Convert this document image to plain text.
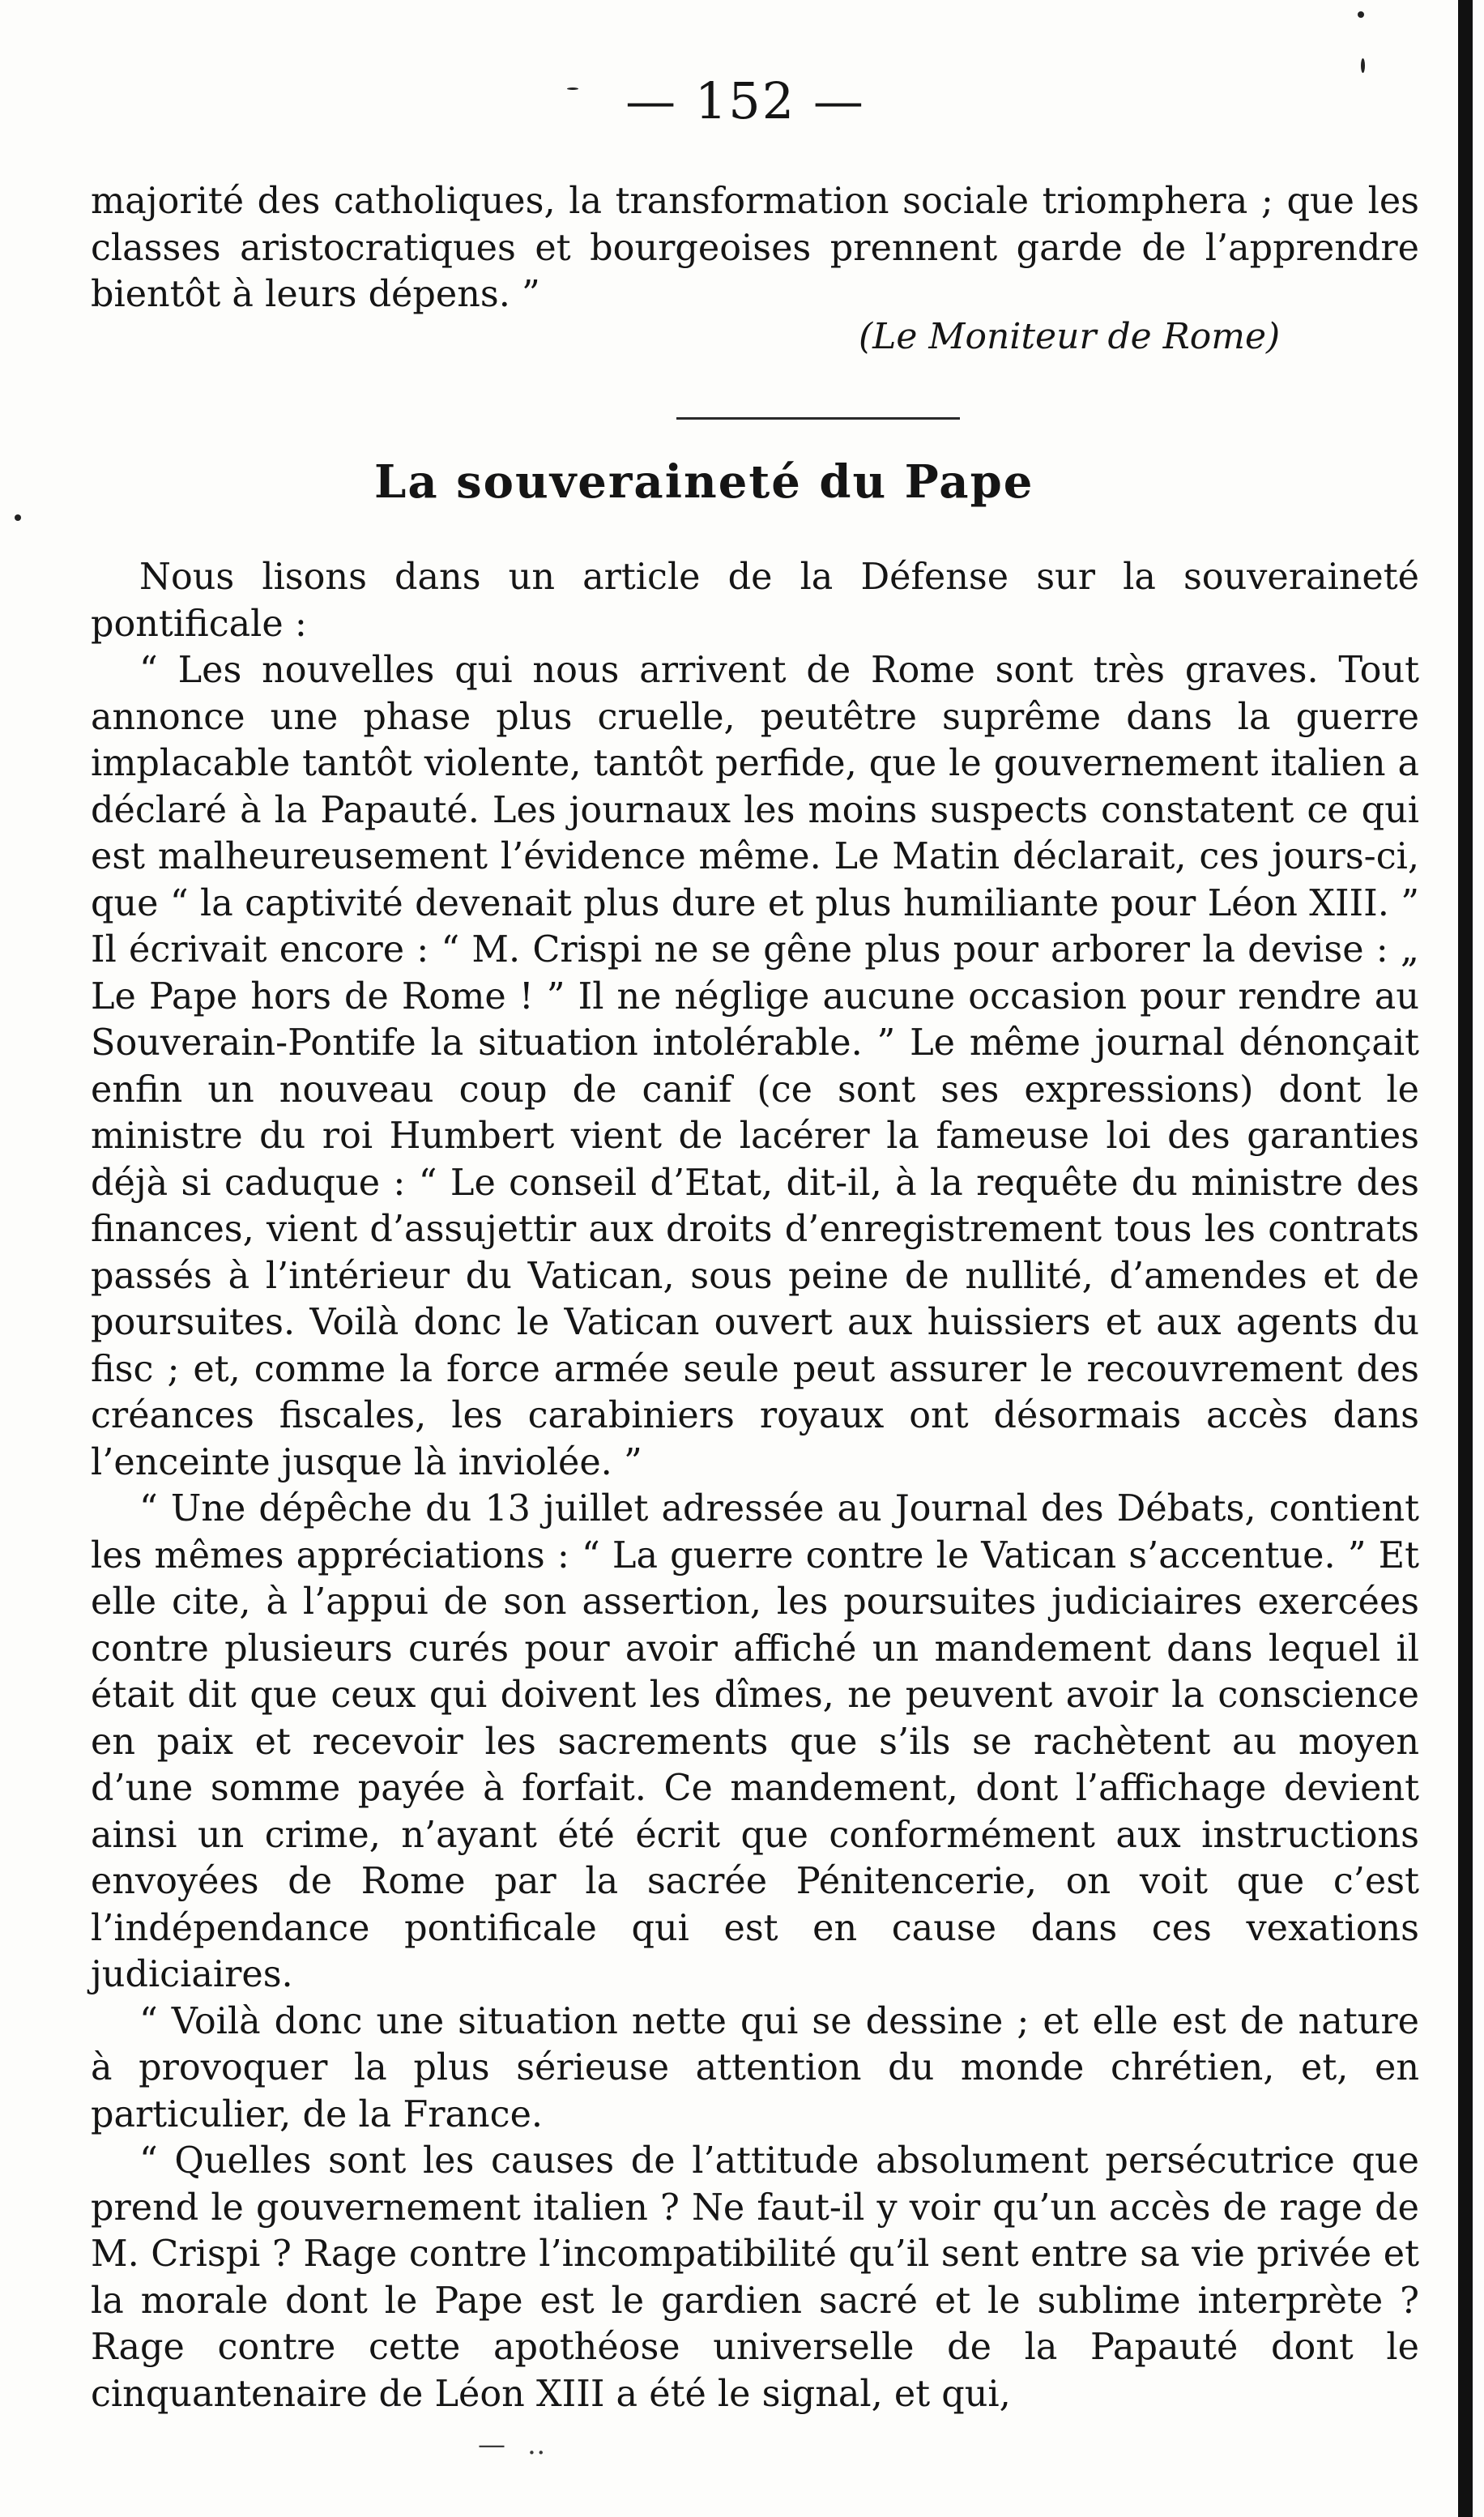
— 152 —

majorité des catholiques, la transformation sociale triomphera ; que les classes aristocratiques et bourgeoises prennent garde de l’apprendre bientôt à leurs dépens. ”

(Le Moniteur de Rome)
La souveraineté du Pape

Nous lisons dans un article de la Défense sur la souveraineté pontificale :

“ Les nouvelles qui nous arrivent de Rome sont très graves. Tout annonce une phase plus cruelle, peutêtre suprême dans la guerre implacable tantôt violente, tantôt perfide, que le gouvernement italien a déclaré à la Papauté. Les journaux les moins suspects constatent ce qui est malheureusement l’évidence même. Le Matin déclarait, ces jours-ci, que “ la captivité devenait plus dure et plus humiliante pour Léon XIII. ” Il écrivait encore : “ M. Crispi ne se gêne plus pour arborer la devise : „ Le Pape hors de Rome ! ” Il ne néglige aucune occasion pour rendre au Souverain-Pontife la situation intolérable. ” Le même journal dénonçait enfin un nouveau coup de canif (ce sont ses expressions) dont le ministre du roi Humbert vient de lacérer la fameuse loi des garanties déjà si caduque : “ Le conseil d’Etat, dit-il, à la requête du ministre des finances, vient d’assujettir aux droits d’enregistrement tous les contrats passés à l’intérieur du Vatican, sous peine de nullité, d’amendes et de poursuites. Voilà donc le Vatican ouvert aux huissiers et aux agents du fisc ; et, comme la force armée seule peut assurer le recouvrement des créances fiscales, les carabiniers royaux ont désormais accès dans l’enceinte jusque là inviolée. ”

“ Une dépêche du 13 juillet adressée au Journal des Débats, contient les mêmes appréciations : “ La guerre contre le Vatican s’accentue. ” Et elle cite, à l’appui de son assertion, les poursuites judiciaires exercées contre plusieurs curés pour avoir affiché un mandement dans lequel il était dit que ceux qui doivent les dîmes, ne peuvent avoir la conscience en paix et recevoir les sacrements que s’ils se rachètent au moyen d’une somme payée à forfait. Ce mandement, dont l’affichage devient ainsi un crime, n’ayant été écrit que conformément aux instructions envoyées de Rome par la sacrée Pénitencerie, on voit que c’est l’indépendance pontificale qui est en cause dans ces vexations judiciaires.

“ Voilà donc une situation nette qui se dessine ; et elle est de nature à provoquer la plus sérieuse attention du monde chrétien, et, en particulier, de la France.

“ Quelles sont les causes de l’attitude absolument persécutrice que prend le gouvernement italien ? Ne faut-il y voir qu’un accès de rage de M. Crispi ? Rage contre l’incompatibilité qu’il sent entre sa vie privée et la morale dont le Pape est le gardien sacré et le sublime interprète ? Rage contre cette apothéose universelle de la Papauté dont le cinquantenaire de Léon XIII a été le signal, et qui,

— ‥
